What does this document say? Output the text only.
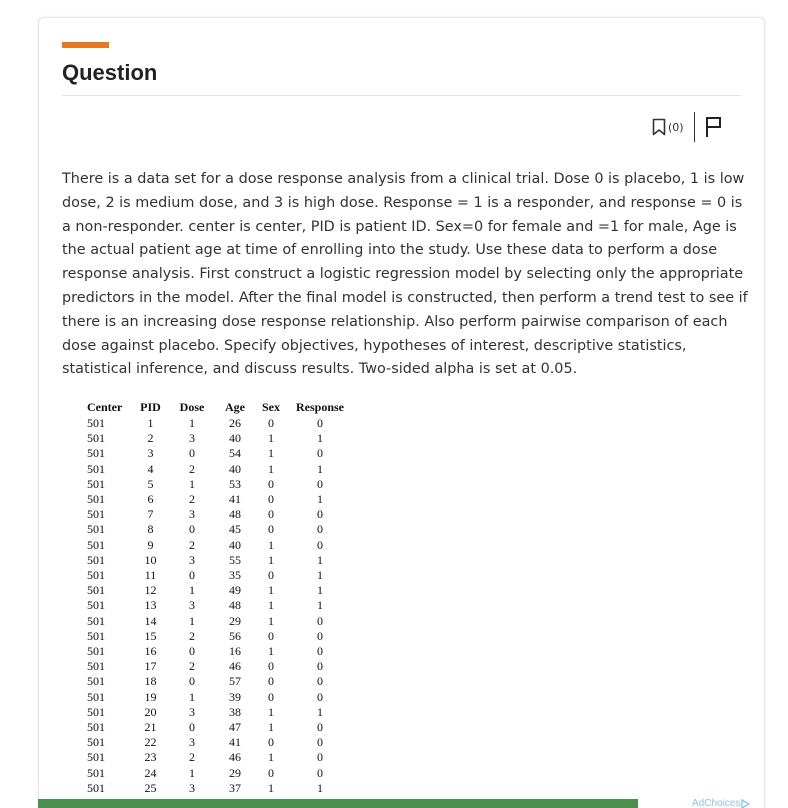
Question
(0)

There is a data set for a dose response analysis from a clinical trial. Dose 0 is placebo, 1 is low dose, 2 is medium dose, and 3 is high dose. Response = 1 is a responder, and response = 0 is a non-responder. center is center, PID is patient ID. Sex=0 for female and =1 for male, Age is the actual patient age at time of enrolling into the study. Use these data to perform a dose response analysis. First construct a logistic regression model by selecting only the appropriate predictors in the model. After the final model is constructed, then perform a trend test to see if there is an increasing dose response relationship. Also perform pairwise comparison of each dose against placebo. Specify objectives, hypotheses of interest, descriptive statistics, statistical inference, and discuss results. Two-sided alpha is set at 0.05.

Center	PID	Dose	Age	Sex	Response
501	1	1	26	0	0
501	2	3	40	1	1
501	3	0	54	1	0
501	4	2	40	1	1
501	5	1	53	0	0
501	6	2	41	0	1
501	7	3	48	0	0
501	8	0	45	0	0
501	9	2	40	1	0
501	10	3	55	1	1
501	11	0	35	0	1
501	12	1	49	1	1
501	13	3	48	1	1
501	14	1	29	1	0
501	15	2	56	0	0
501	16	0	16	1	0
501	17	2	46	0	0
501	18	0	57	0	0
501	19	1	39	0	0
501	20	3	38	1	1
501	21	0	47	1	0
501	22	3	41	0	0
501	23	2	46	1	0
501	24	1	29	0	0
501	25	3	37	1	1
AdChoices
